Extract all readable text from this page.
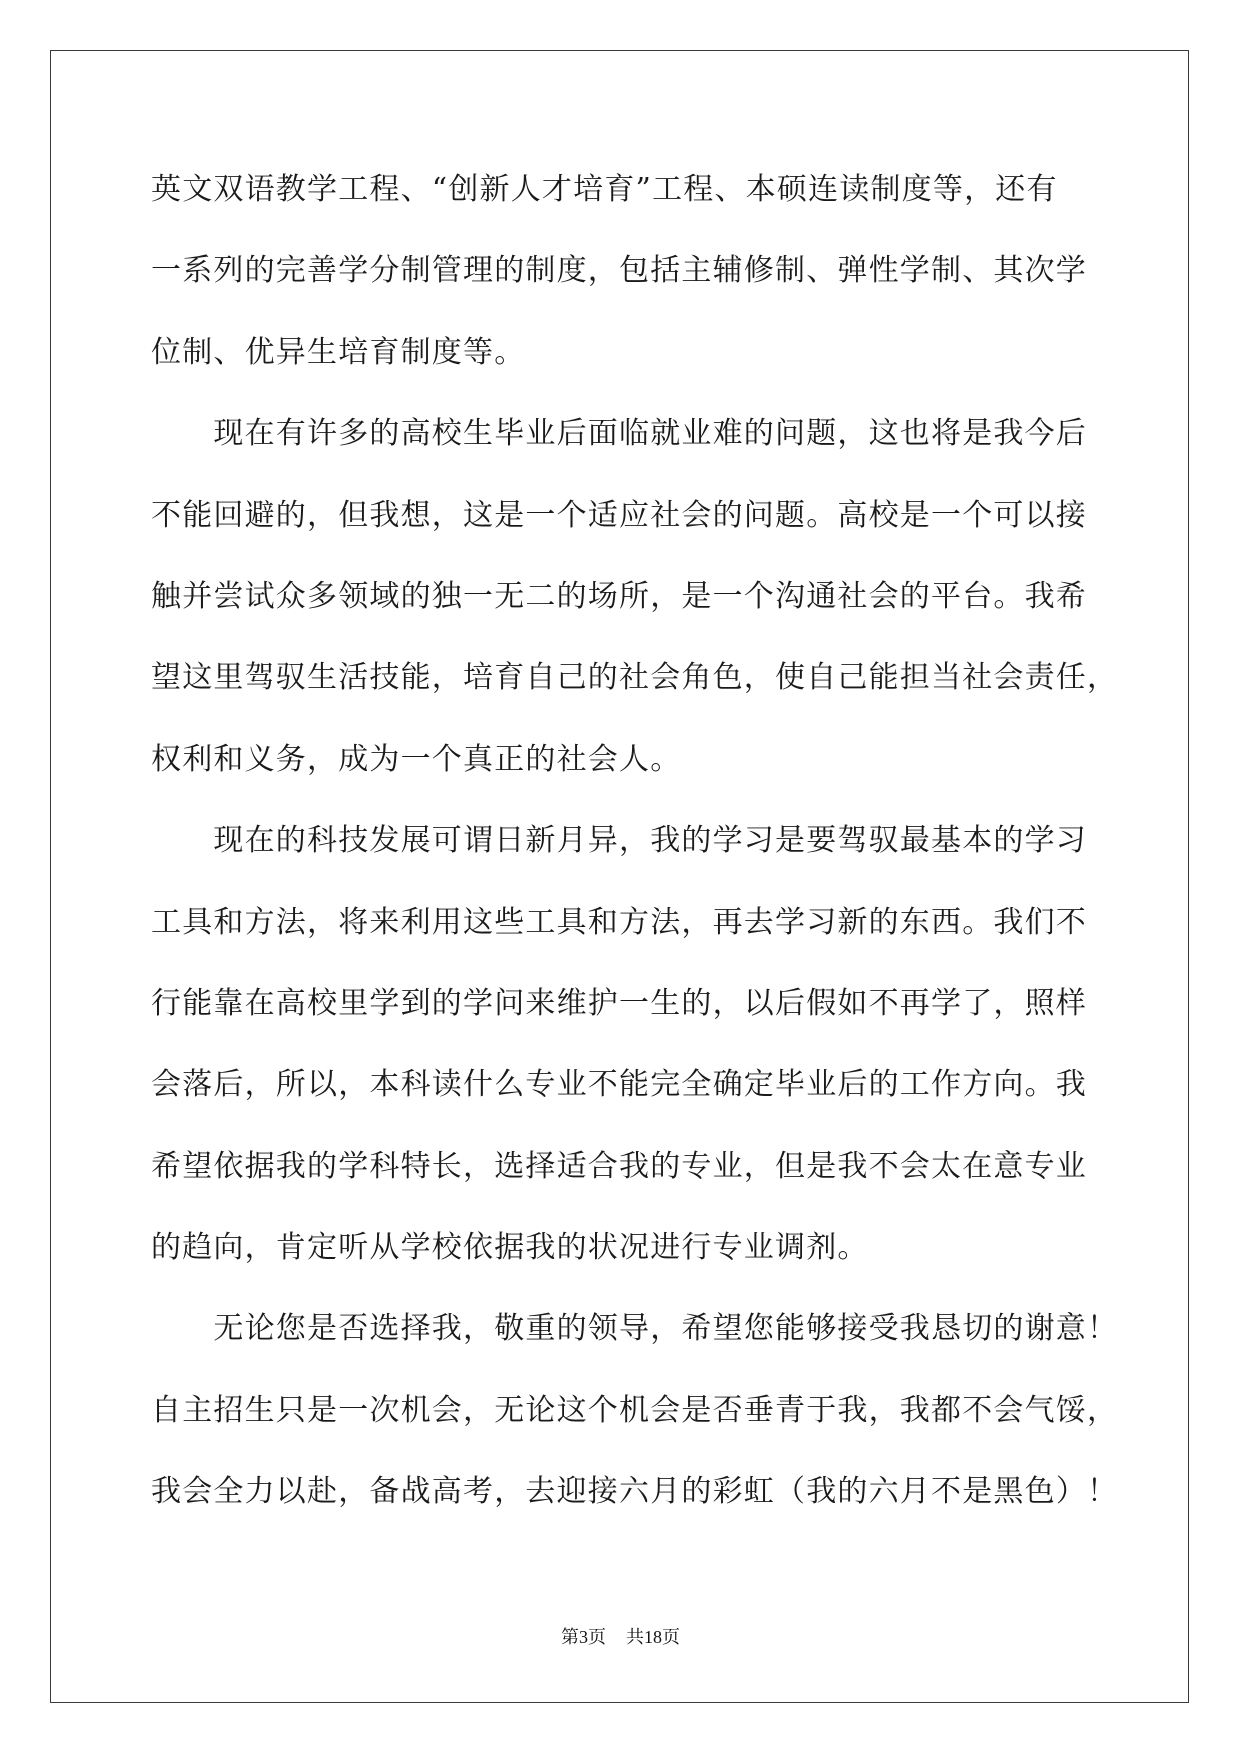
英文双语教学工程、“创新人才培育”工程、本硕连读制度等，还有
一系列的完善学分制管理的制度，包括主辅修制、弹性学制、其次学
位制、优异生培育制度等。
现在有许多的高校生毕业后面临就业难的问题，这也将是我今后
不能回避的，但我想，这是一个适应社会的问题。高校是一个可以接
触并尝试众多领域的独一无二的场所，是一个沟通社会的平台。我希
望这里驾驭生活技能，培育自己的社会角色，使自己能担当社会责任，
权利和义务，成为一个真正的社会人。
现在的科技发展可谓日新月异，我的学习是要驾驭最基本的学习
工具和方法，将来利用这些工具和方法，再去学习新的东西。我们不
行能靠在高校里学到的学问来维护一生的，以后假如不再学了，照样
会落后，所以，本科读什么专业不能完全确定毕业后的工作方向。我
希望依据我的学科特长，选择适合我的专业，但是我不会太在意专业
的趋向，肯定听从学校依据我的状况进行专业调剂。
无论您是否选择我，敬重的领导，希望您能够接受我恳切的谢意！
自主招生只是一次机会，无论这个机会是否垂青于我，我都不会气馁，
我会全力以赴，备战高考，去迎接六月的彩虹（我的六月不是黑色）！
第3页 共18页
